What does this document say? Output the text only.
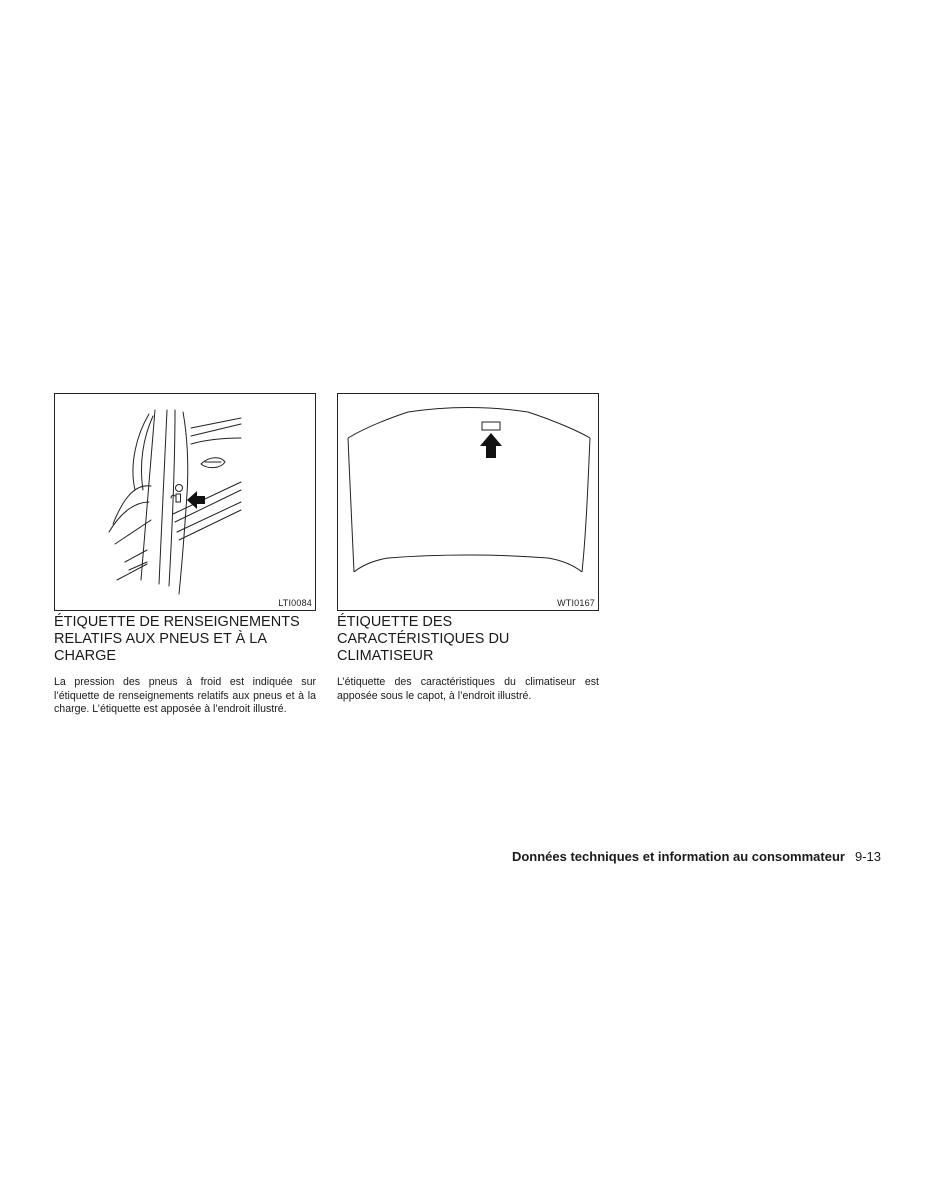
LTI0084	WTI0167
ÉTIQUETTE DE RENSEIGNEMENTS RELATIFS AUX PNEUS ET À LA CHARGE

La pression des pneus à froid est indiquée sur l’étiquette de renseignements relatifs aux pneus et à la charge. L’étiquette est apposée à l’endroit illustré.

ÉTIQUETTE DES CARACTÉRISTIQUES DU CLIMATISEUR

L’étiquette des caractéristiques du climatiseur est apposée sous le capot, à l’endroit illustré.

Données techniques et information au consommateur 9-13
